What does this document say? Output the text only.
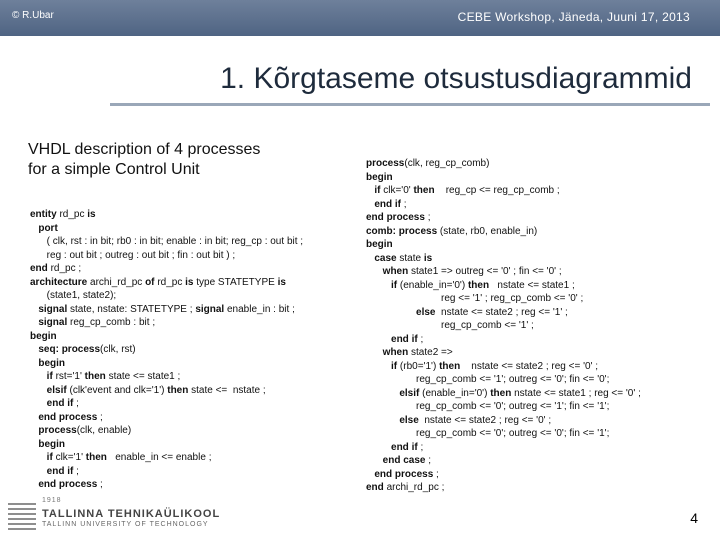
© R.Ubar	CEBE Workshop, Jäneda, Juuni 17, 2013
1. Kõrgtaseme otsustusdiagrammid
VHDL description of 4 processes
for a simple Control Unit
entity rd_pc is
port
( clk, rst : in bit; rb0 : in bit; enable : in bit; reg_cp : out bit ;
reg : out bit ; outreg : out bit ; fin : out bit ) ;
end rd_pc ;
architecture archi_rd_pc of rd_pc is type STATETYPE is
(state1, state2);
signal state, nstate: STATETYPE ; signal enable_in : bit ;
signal reg_cp_comb : bit ;
begin
seq: process(clk, rst)
begin
if rst='1' then state <= state1 ;
elsif (clk'event and clk='1') then state <= nstate ;
end if ;
end process ;
process(clk, enable)
begin
if clk='1' then enable_in <= enable ;
end if ;
end process ;
process(clk, reg_cp_comb)
begin
if clk='0' then reg_cp <= reg_cp_comb ;
end if ;
end process ;
comb: process (state, rb0, enable_in)
begin
case state is
when state1 => outreg <= '0' ; fin <= '0' ;
if (enable_in='0') then nstate <= state1 ;
reg <= '1' ; reg_cp_comb <= '0' ;
else nstate <= state2 ; reg <= '1' ;
reg_cp_comb <= '1' ;
end if ;
when state2 =>
if (rb0='1') then nstate <= state2 ; reg <= '0' ;
reg_cp_comb <= '1'; outreg <= '0'; fin <= '0';
elsif (enable_in='0') then nstate <= state1 ; reg <= '0' ;
reg_cp_comb <= '0'; outreg <= '1'; fin <= '1';
else nstate <= state2 ; reg <= '0' ;
reg_cp_comb <= '0'; outreg <= '0'; fin <= '1';
end if ;
end case ;
end process ;
end archi_rd_pc ;
1918
TALLINNA TEHNIKAÜLIKOOL
TALLINN UNIVERSITY OF TECHNOLOGY	4
